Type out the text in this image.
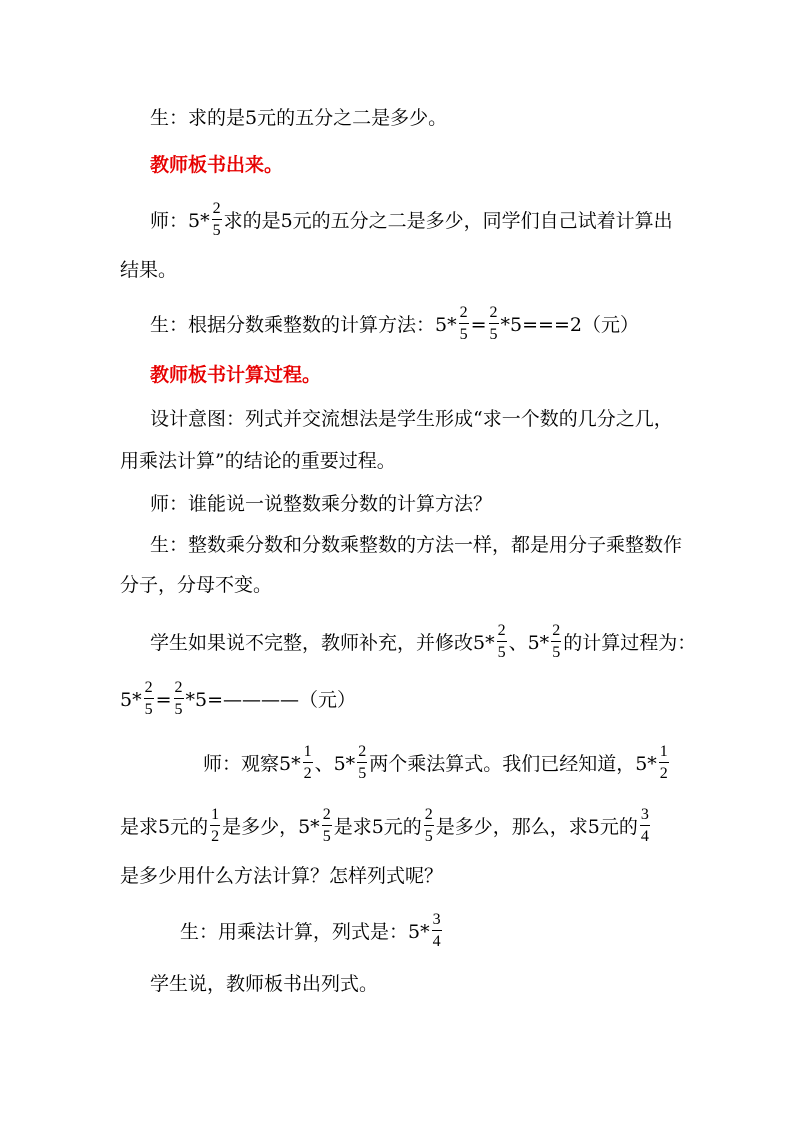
生：求的是5元的五分之二是多少。
教师板书出来。
师：5*
$\frac{2}{5}$
求的是5元的五分之二是多少，同学们自己试着计算出
结果。
生：根据分数乘整数的计算方法：5*
$\frac{2}{5}$
=
$\frac{2}{5}$
*5===2（元）
教师板书计算过程。
设计意图：列式并交流想法是学生形成“求一个数的几分之几，
用乘法计算”的结论的重要过程。
师：谁能说一说整数乘分数的计算方法？
生：整数乘分数和分数乘整数的方法一样，都是用分子乘整数作
分子，分母不变。
学生如果说不完整，教师补充，并修改5*
$\frac{2}{5}$
、5*
$\frac{2}{5}$
的计算过程为：
5*
$\frac{2}{5}$
=
$\frac{2}{5}$
*5=————（元）
师：观察5*
$\frac{1}{2}$
、5*
$\frac{2}{5}$
两个乘法算式。我们已经知道，5*
$\frac{1}{2}$
是求5元的
$\frac{1}{2}$
是多少，5*
$\frac{2}{5}$
是求5元的
$\frac{2}{5}$
是多少，那么，求5元的
$\frac{3}{4}$
是多少用什么方法计算？怎样列式呢？
生：用乘法计算，列式是：5*
$\frac{3}{4}$
学生说，教师板书出列式。
